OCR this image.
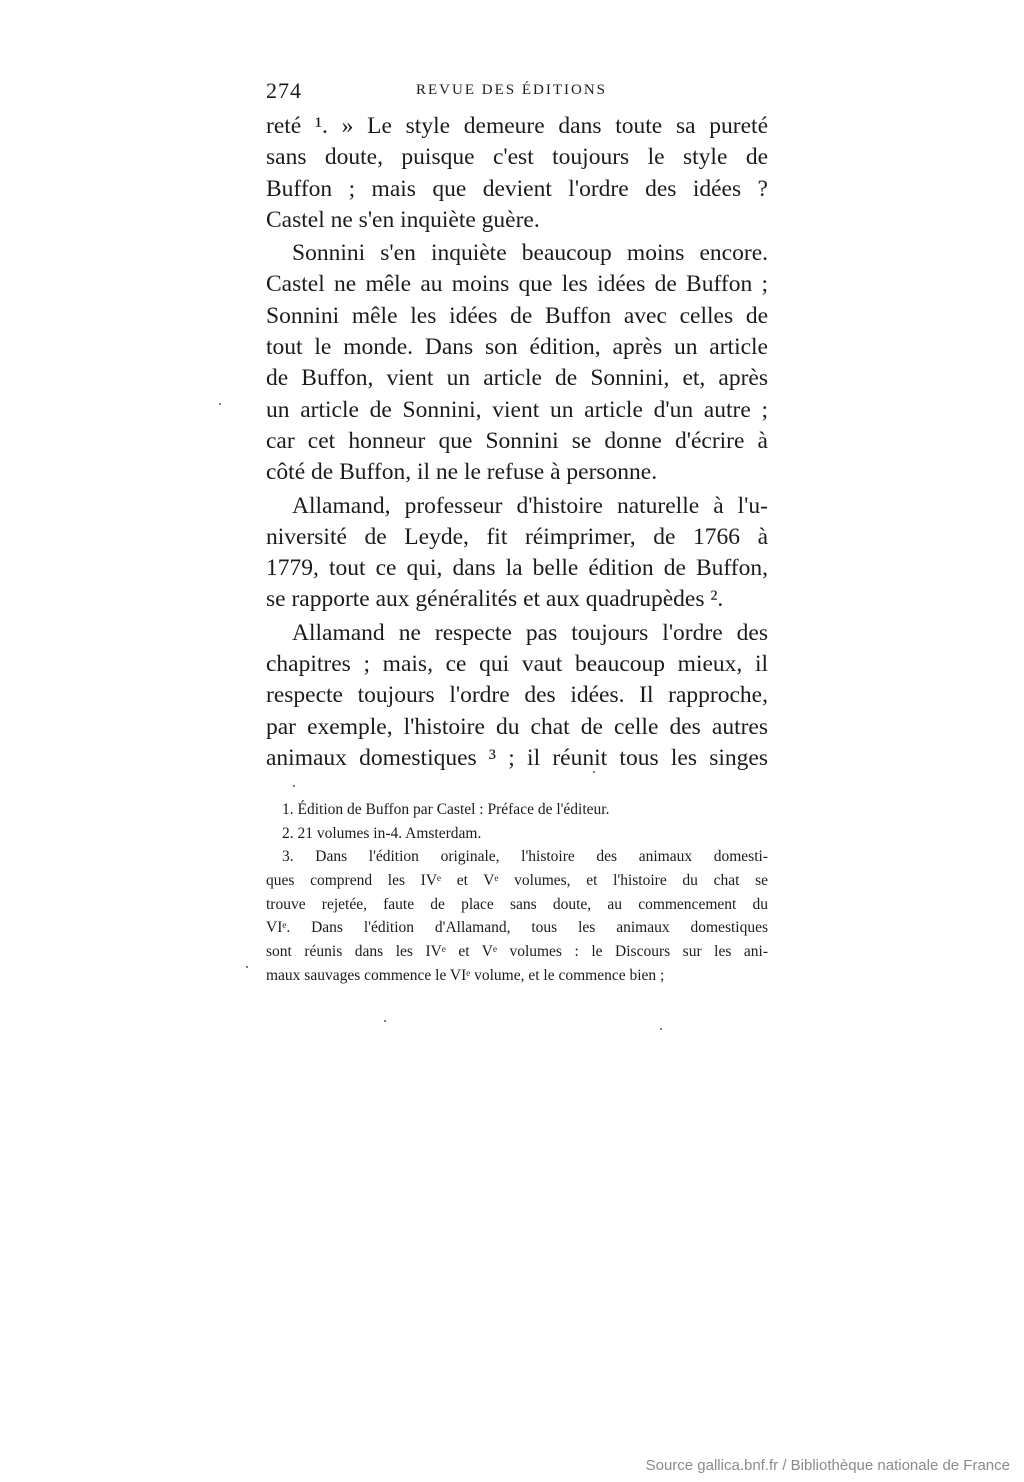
274	REVUE DES ÉDITIONS

reté ¹. » Le style demeure dans toute sa pureté
sans doute, puisque c'est toujours le style de
Buffon ; mais que devient l'ordre des idées ?
Castel ne s'en inquiète guère.

Sonnini s'en inquiète beaucoup moins encore.
Castel ne mêle au moins que les idées de Buffon ;
Sonnini mêle les idées de Buffon avec celles de
tout le monde. Dans son édition, après un article
de Buffon, vient un article de Sonnini, et, après
un article de Sonnini, vient un article d'un autre ;
car cet honneur que Sonnini se donne d'écrire à
côté de Buffon, il ne le refuse à personne.

Allamand, professeur d'histoire naturelle à l'u-
niversité de Leyde, fit réimprimer, de 1766 à
1779, tout ce qui, dans la belle édition de Buffon,
se rapporte aux généralités et aux quadrupèdes ².

Allamand ne respecte pas toujours l'ordre des
chapitres ; mais, ce qui vaut beaucoup mieux, il
respecte toujours l'ordre des idées. Il rapproche,
par exemple, l'histoire du chat de celle des autres
animaux domestiques ³ ; il réunit tous les singes

1. Édition de Buffon par Castel : Préface de l'éditeur.
2. 21 volumes in-4. Amsterdam.
3. Dans l'édition originale, l'histoire des animaux domesti-
ques comprend les IVᵉ et Vᵉ volumes, et l'histoire du chat se
trouve rejetée, faute de place sans doute, au commencement du
VIᵉ. Dans l'édition d'Allamand, tous les animaux domestiques
sont réunis dans les IVᵉ et Vᵉ volumes : le Discours sur les ani-
maux sauvages commence le VIᵉ volume, et le commence bien ;
Source gallica.bnf.fr / Bibliothèque nationale de France
